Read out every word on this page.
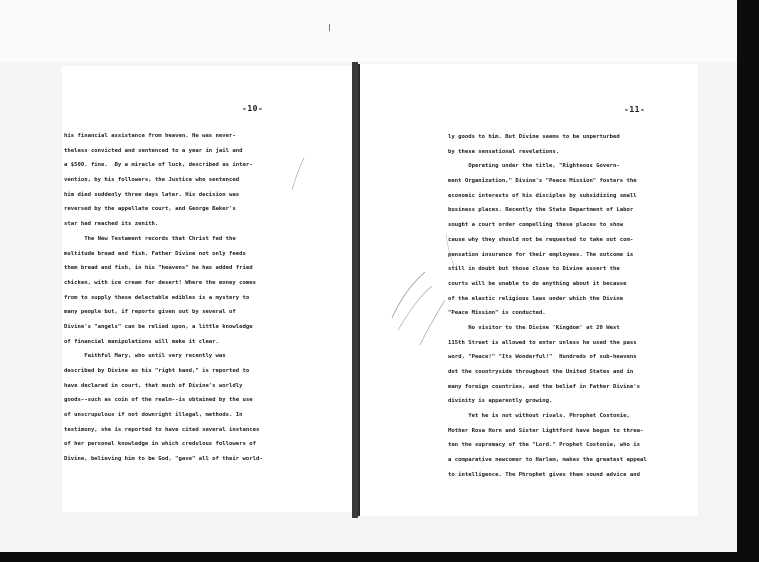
-10-
his financial assistance from heaven. He was never-
theless convicted and sentenced to a year in jail and
a $500. fine.  By a miracle of luck, described as inter-
vention, by his followers, the Justice who sentenced
him died suddenly three days later. His decision was
reversed by the appellate court, and George Baker's
star had reached its zenith.
The New Testament records that Christ fed the
multitude bread and fish. Father Divine not only feeds
them bread and fish, in his "heavens" he has added fried
chicken, with ice cream for desert! Where the money comes
from to supply these delectable edibles is a mystery to
many people but, if reports given out by several of
Divine's "angels" can be relied upon, a little knowledge
of financial manipulations will make it clear.
Faithful Mary, who until very recently was
described by Divine as his "right hand," is reported to
have declared in court, that much of Divine's worldly
goods--such as coin of the realm--is obtained by the use
of unscrupulous if not downright illegal, methods. In
testimony, she is reported to have cited several instances
of her personal knowledge in which credulous followers of
Divine, believing him to be God, "gave" all of their world-
-11-
ly goods to him. But Divine seems to be unperturbed
by these sensational revelations.
Operating under the title, "Righteous Govern-
ment Organization," Divine's "Peace Mission" fosters the
economic interests of his disciples by subsidizing small
business places. Recently the State Department of Labor
sought a court order compelling these places to show
cause why they should not be requested to take out com-
pensation insurance for their employees. The outcome is
still in doubt but those close to Divine assert the
courts will be unable to do anything about it because
of the elastic religious laws under which the Divine
"Peace Mission" is conducted.
No visitor to the Divine 'Kingdom' at 20 West
115th Street is allowed to enter unless he used the pass
word, "Peace!" "Its Wonderful!"  Hundreds of sub-heavens
dot the countryside throughout the United States and in
many foreign countries, and the belief in Father Divine's
divinity is apparently growing.
Yet he is not without rivals. Phrophet Costonie,
Mother Rosa Horn and Sister Lightford have begun to threa-
ten the supremacy of the "Lord." Prophet Costonie, who is
a comparative newcomer to Harlem, makes the greatest appeal
to intelligence. The Phrophet gives them sound advice and
